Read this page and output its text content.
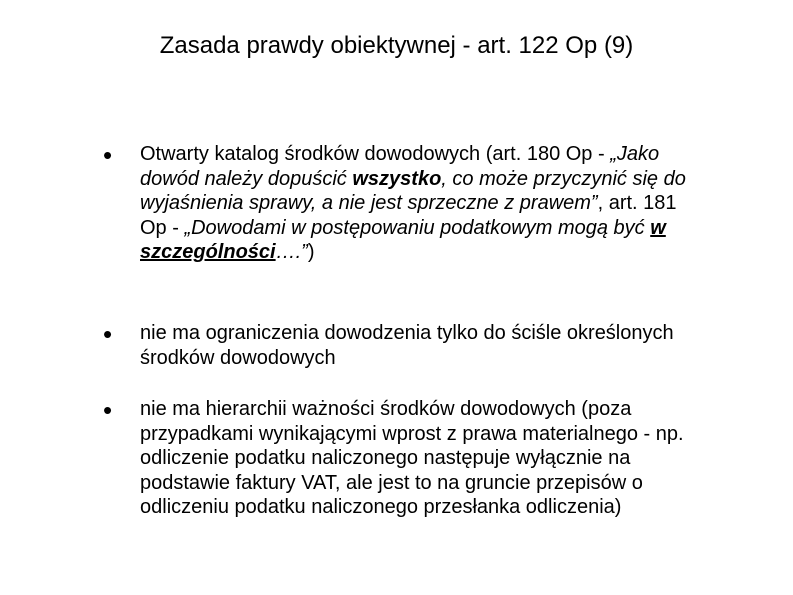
Zasada prawdy obiektywnej - art. 122 Op (9)
• Otwarty katalog środków dowodowych (art. 180 Op - „Jako dowód należy dopuścić wszystko, co może przyczynić się do wyjaśnienia sprawy, a nie jest sprzeczne z prawem”, art. 181 Op - „Dowodami w postępowaniu podatkowym mogą być w szczególności….”)
• nie ma ograniczenia dowodzenia tylko do ściśle określonych środków dowodowych
• nie ma hierarchii ważności środków dowodowych (poza przypadkami wynikającymi wprost z prawa materialnego - np. odliczenie podatku naliczonego następuje wyłącznie na podstawie faktury VAT, ale jest to na gruncie przepisów o odliczeniu podatku naliczonego przesłanka odliczenia)
